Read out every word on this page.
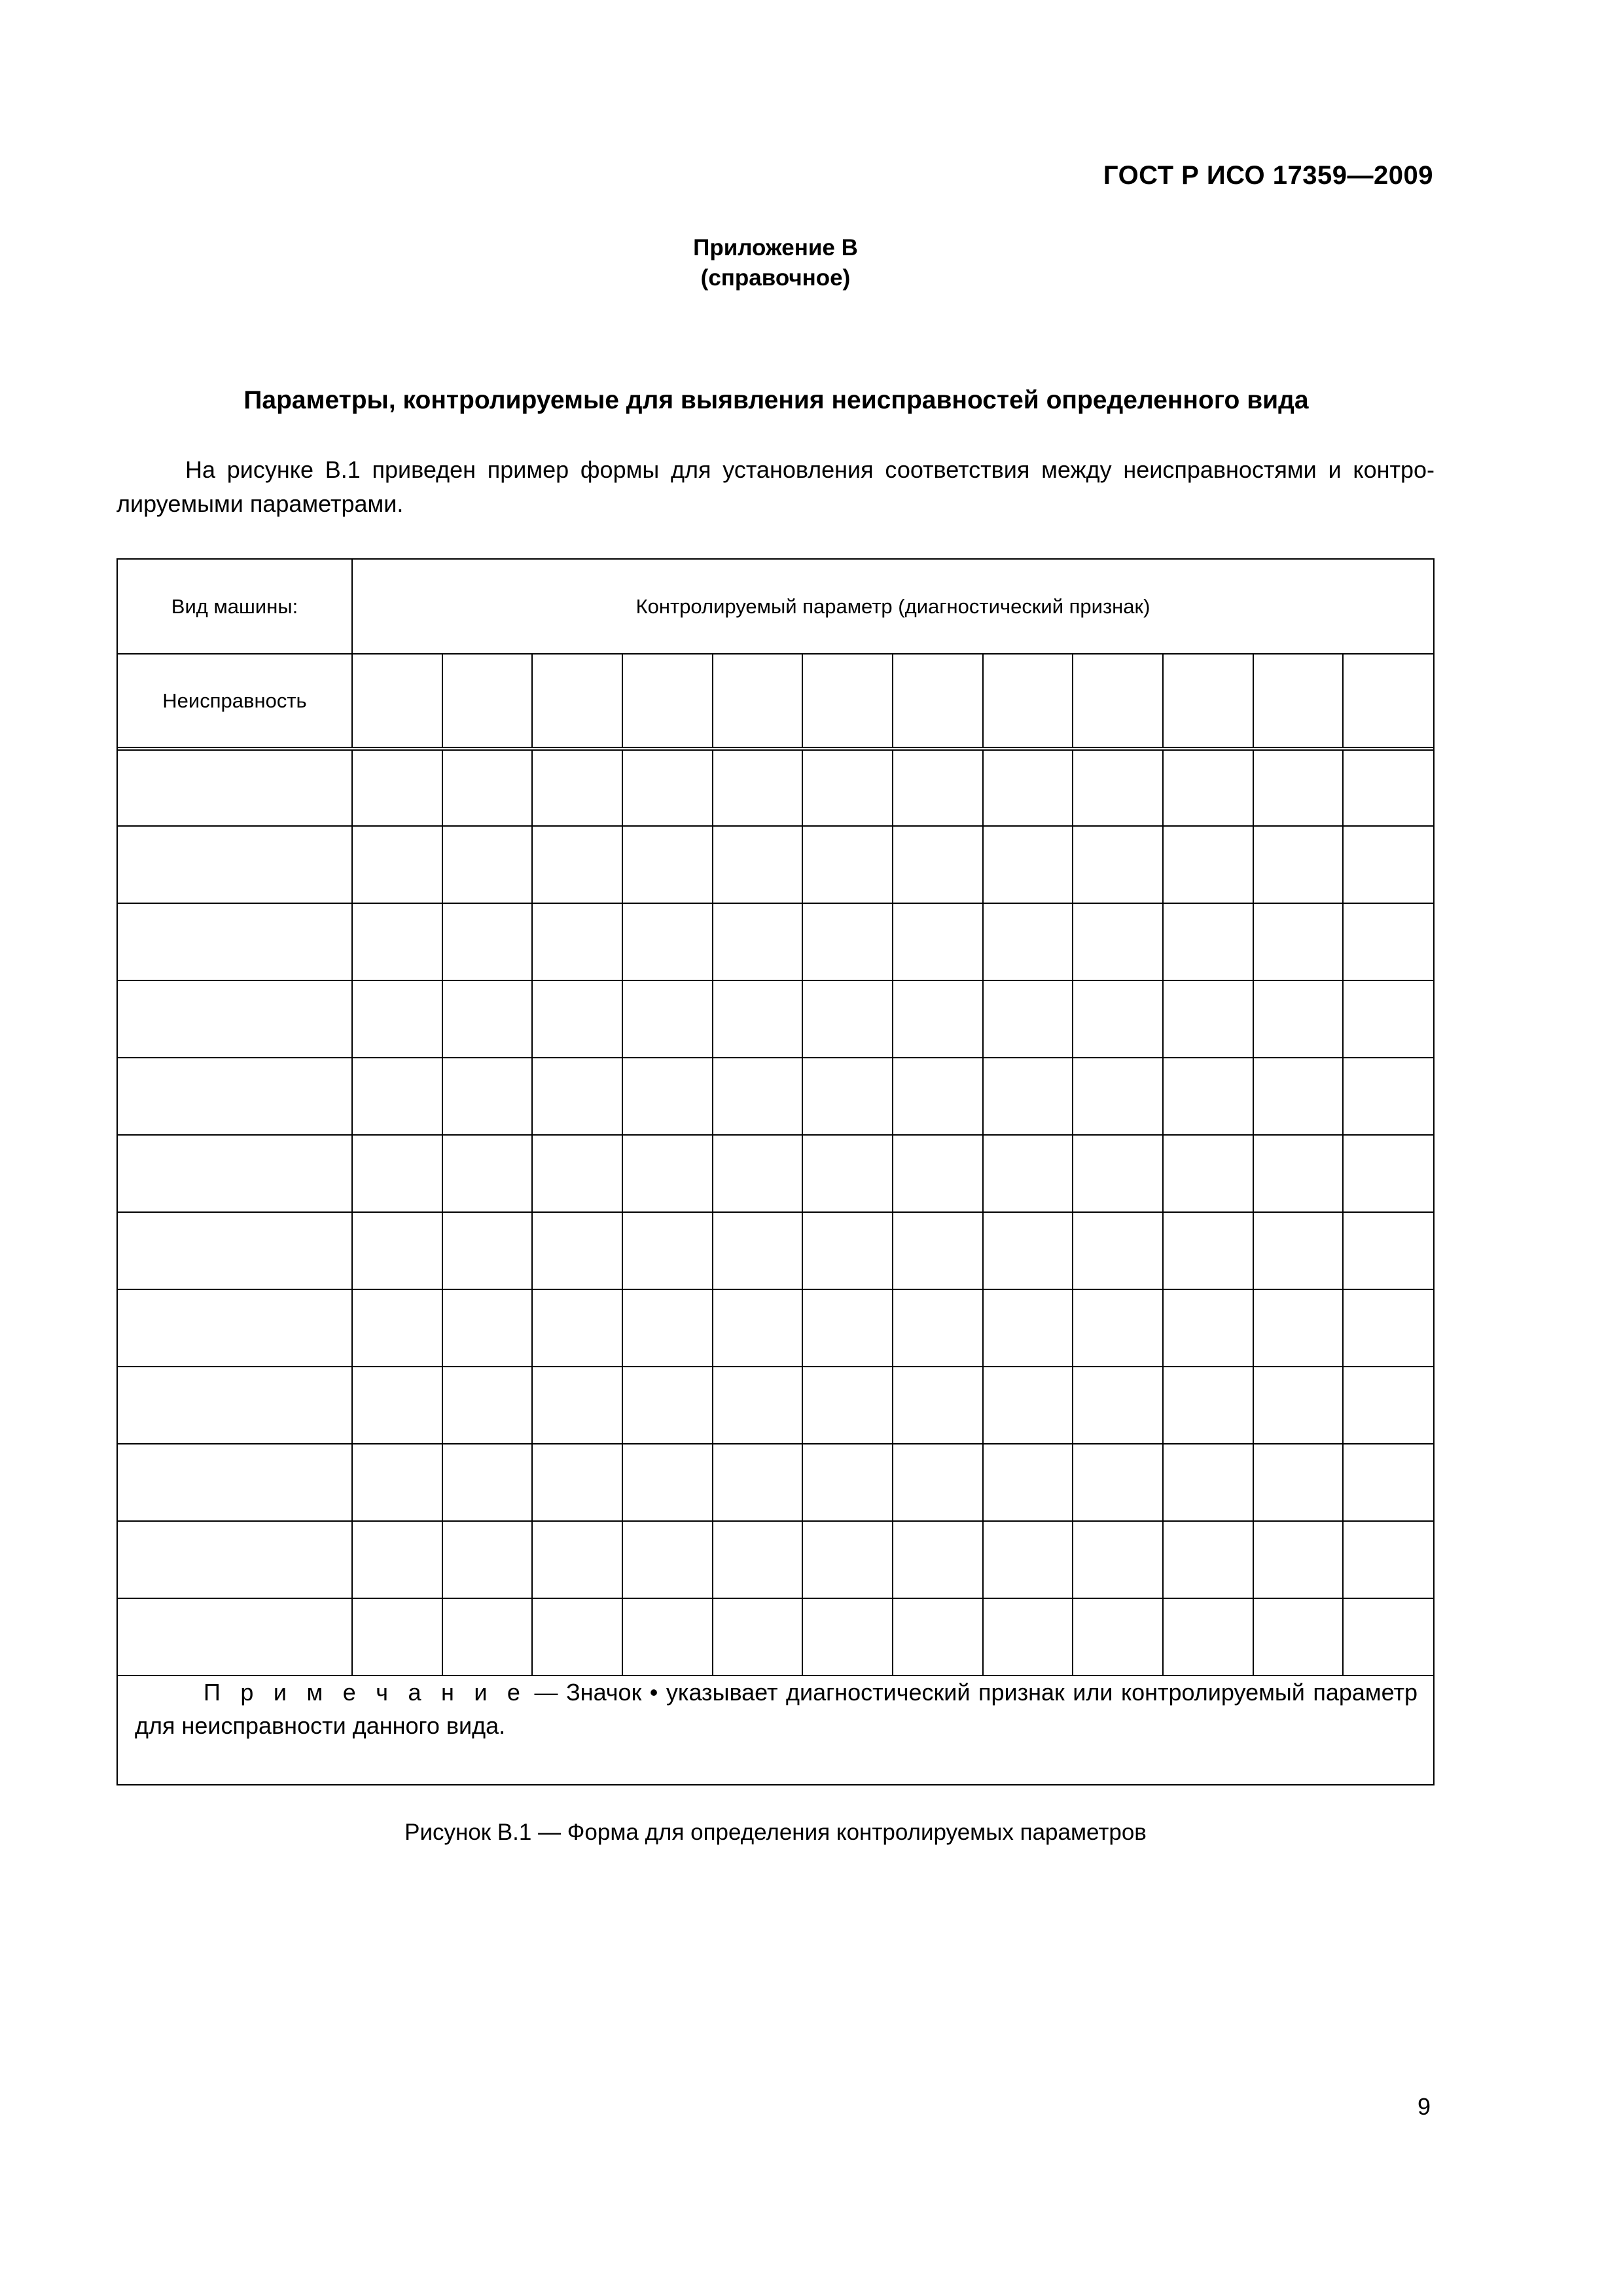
ГОСТ Р ИСО 17359—2009
Приложение В
(справочное)
Параметры, контролируемые для выявления неисправностей определенного вида
На рисунке В.1 приведен пример формы для установления соответствия между неисправностями и контролируемыми параметрами.
Вид машины:	Контролируемый параметр (диагностический признак)											
Неисправность												

П р и м е ч а н и е — Значок • указывает диагностический признак или контролируемый параметр для неисправности данного вида.
Рисунок В.1 — Форма для определения контролируемых параметров
9
